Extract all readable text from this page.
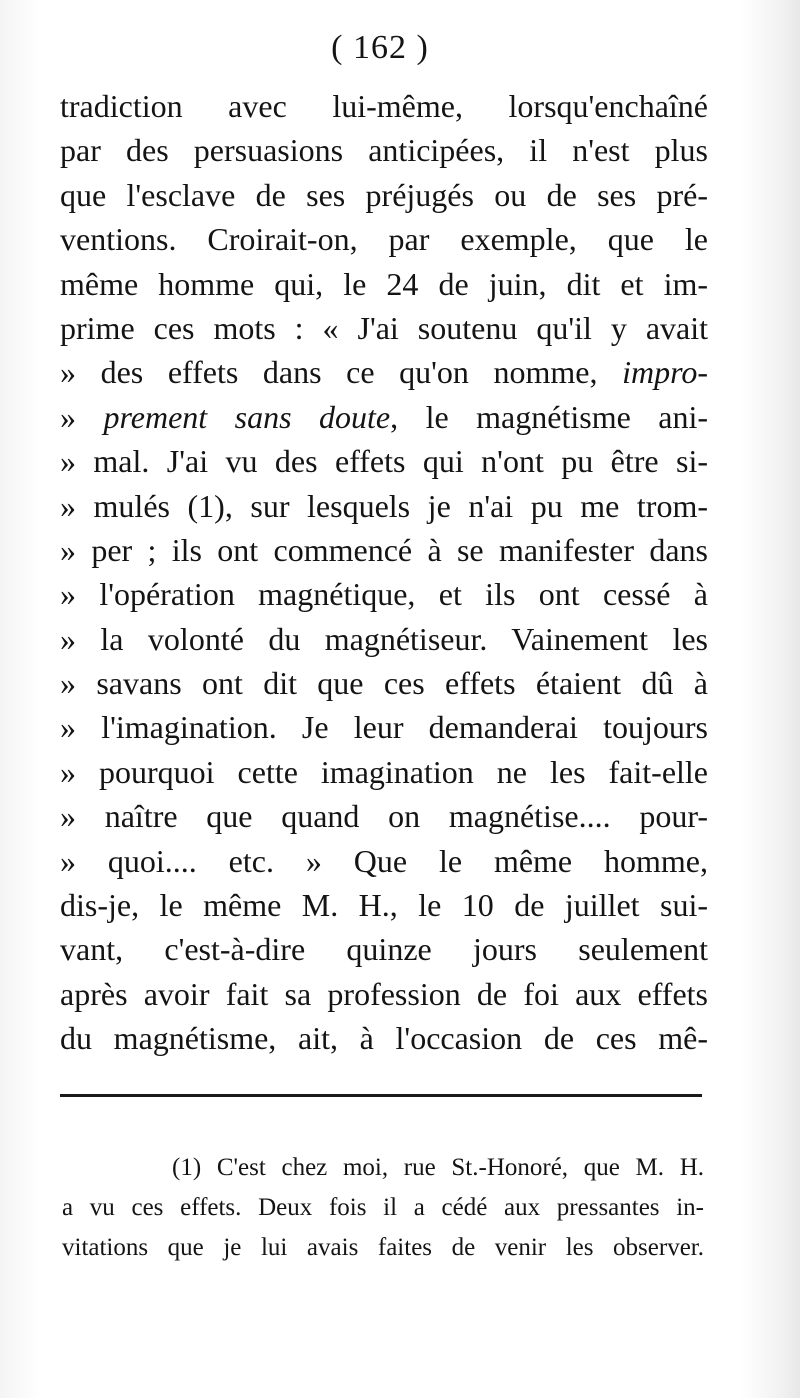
( 162 )
tradiction avec lui-même, lorsqu'enchaîné
par des persuasions anticipées, il n'est plus
que l'esclave de ses préjugés ou de ses pré-
ventions. Croirait-on, par exemple, que le
même homme qui, le 24 de juin, dit et im-
prime ces mots : « J'ai soutenu qu'il y avait
» des effets dans ce qu'on nomme, impro-
» prement sans doute, le magnétisme ani-
» mal. J'ai vu des effets qui n'ont pu être si-
» mulés (1), sur lesquels je n'ai pu me trom-
» per ; ils ont commencé à se manifester dans
» l'opération magnétique, et ils ont cessé à
» la volonté du magnétiseur. Vainement les
» savans ont dit que ces effets étaient dû à
» l'imagination. Je leur demanderai toujours
» pourquoi cette imagination ne les fait-elle
» naître que quand on magnétise.... pour-
» quoi.... etc. » Que le même homme,
dis-je, le même M. H., le 10 de juillet sui-
vant, c'est-à-dire quinze jours seulement
après avoir fait sa profession de foi aux effets
du magnétisme, ait, à l'occasion de ces mê-
(1) C'est chez moi, rue St.-Honoré, que M. H.
a vu ces effets. Deux fois il a cédé aux pressantes in-
vitations que je lui avais faites de venir les observer.
